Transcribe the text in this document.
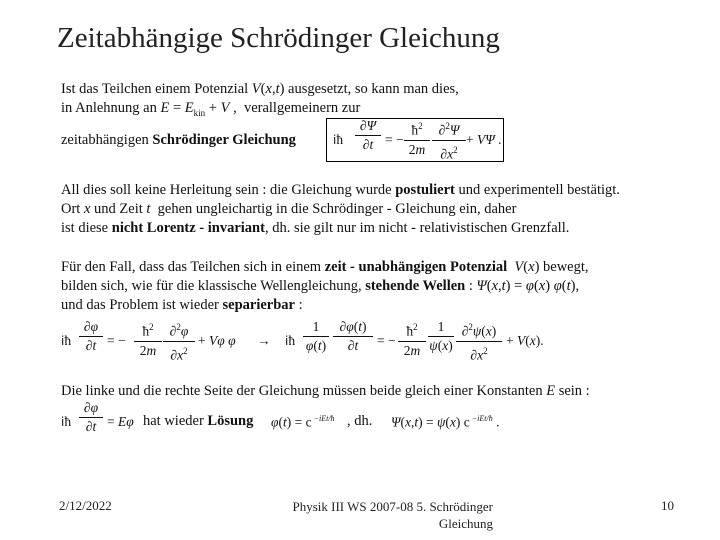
Zeitabhängige Schrödinger Gleichung
Ist das Teilchen einem Potenzial V(x,t) ausgesetzt, so kann man dies,
in Anlehnung an $E = E_{kin} + V$ ,  verallgemeinern zur
zeitabhängigen Schrödinger Gleichung	iħ
∂Ψ
∂t = −
$ħ^2$
2m
∂$^2$Ψ
$\partial x^2$
+ VΨ .
All dies soll keine Herleitung sein : die Gleichung wurde postuliert und experimentell bestätigt.
Ort x und Zeit t  gehen ungleichartig in die Schrödinger - Gleichung ein, daher
ist diese nicht Lorentz - invariant, dh. sie gilt nur im nicht - relativistischen Grenzfall.
Für den Fall, dass das Teilchen sich in einem zeit - unabhängigen Potenzial V(x) bewegt,
bilden sich, wie für die klassische Wellengleichung, stehende Wellen : Ψ(x,t) = φ(x) φ(t),
und das Problem ist wieder separierbar :
iħ
∂φ
∂t = −
$ħ^2$
2m
∂$^2$φ
$\partial x^2$
+ Vφ φ → iħ
1
φ(t)
∂φ(t)
∂t	= −
$ħ^2$
2m
1
ψ(x)
∂$^2$ψ(x)
$\partial x^2$
+ V(x).
Die linke und die rechte Seite der Gleichung müssen beide gleich einer Konstanten E sein :
iħ
∂φ
∂t = Eφ hat wieder Lösung φ(t) = c $^{-iEt/ħ}$ , dh. Ψ(x,t) = ψ(x) c $^{-iEt/ħ}$ .
2/12/2022	Physik III WS 2007-08 5. Schrödinger
Gleichung
10
